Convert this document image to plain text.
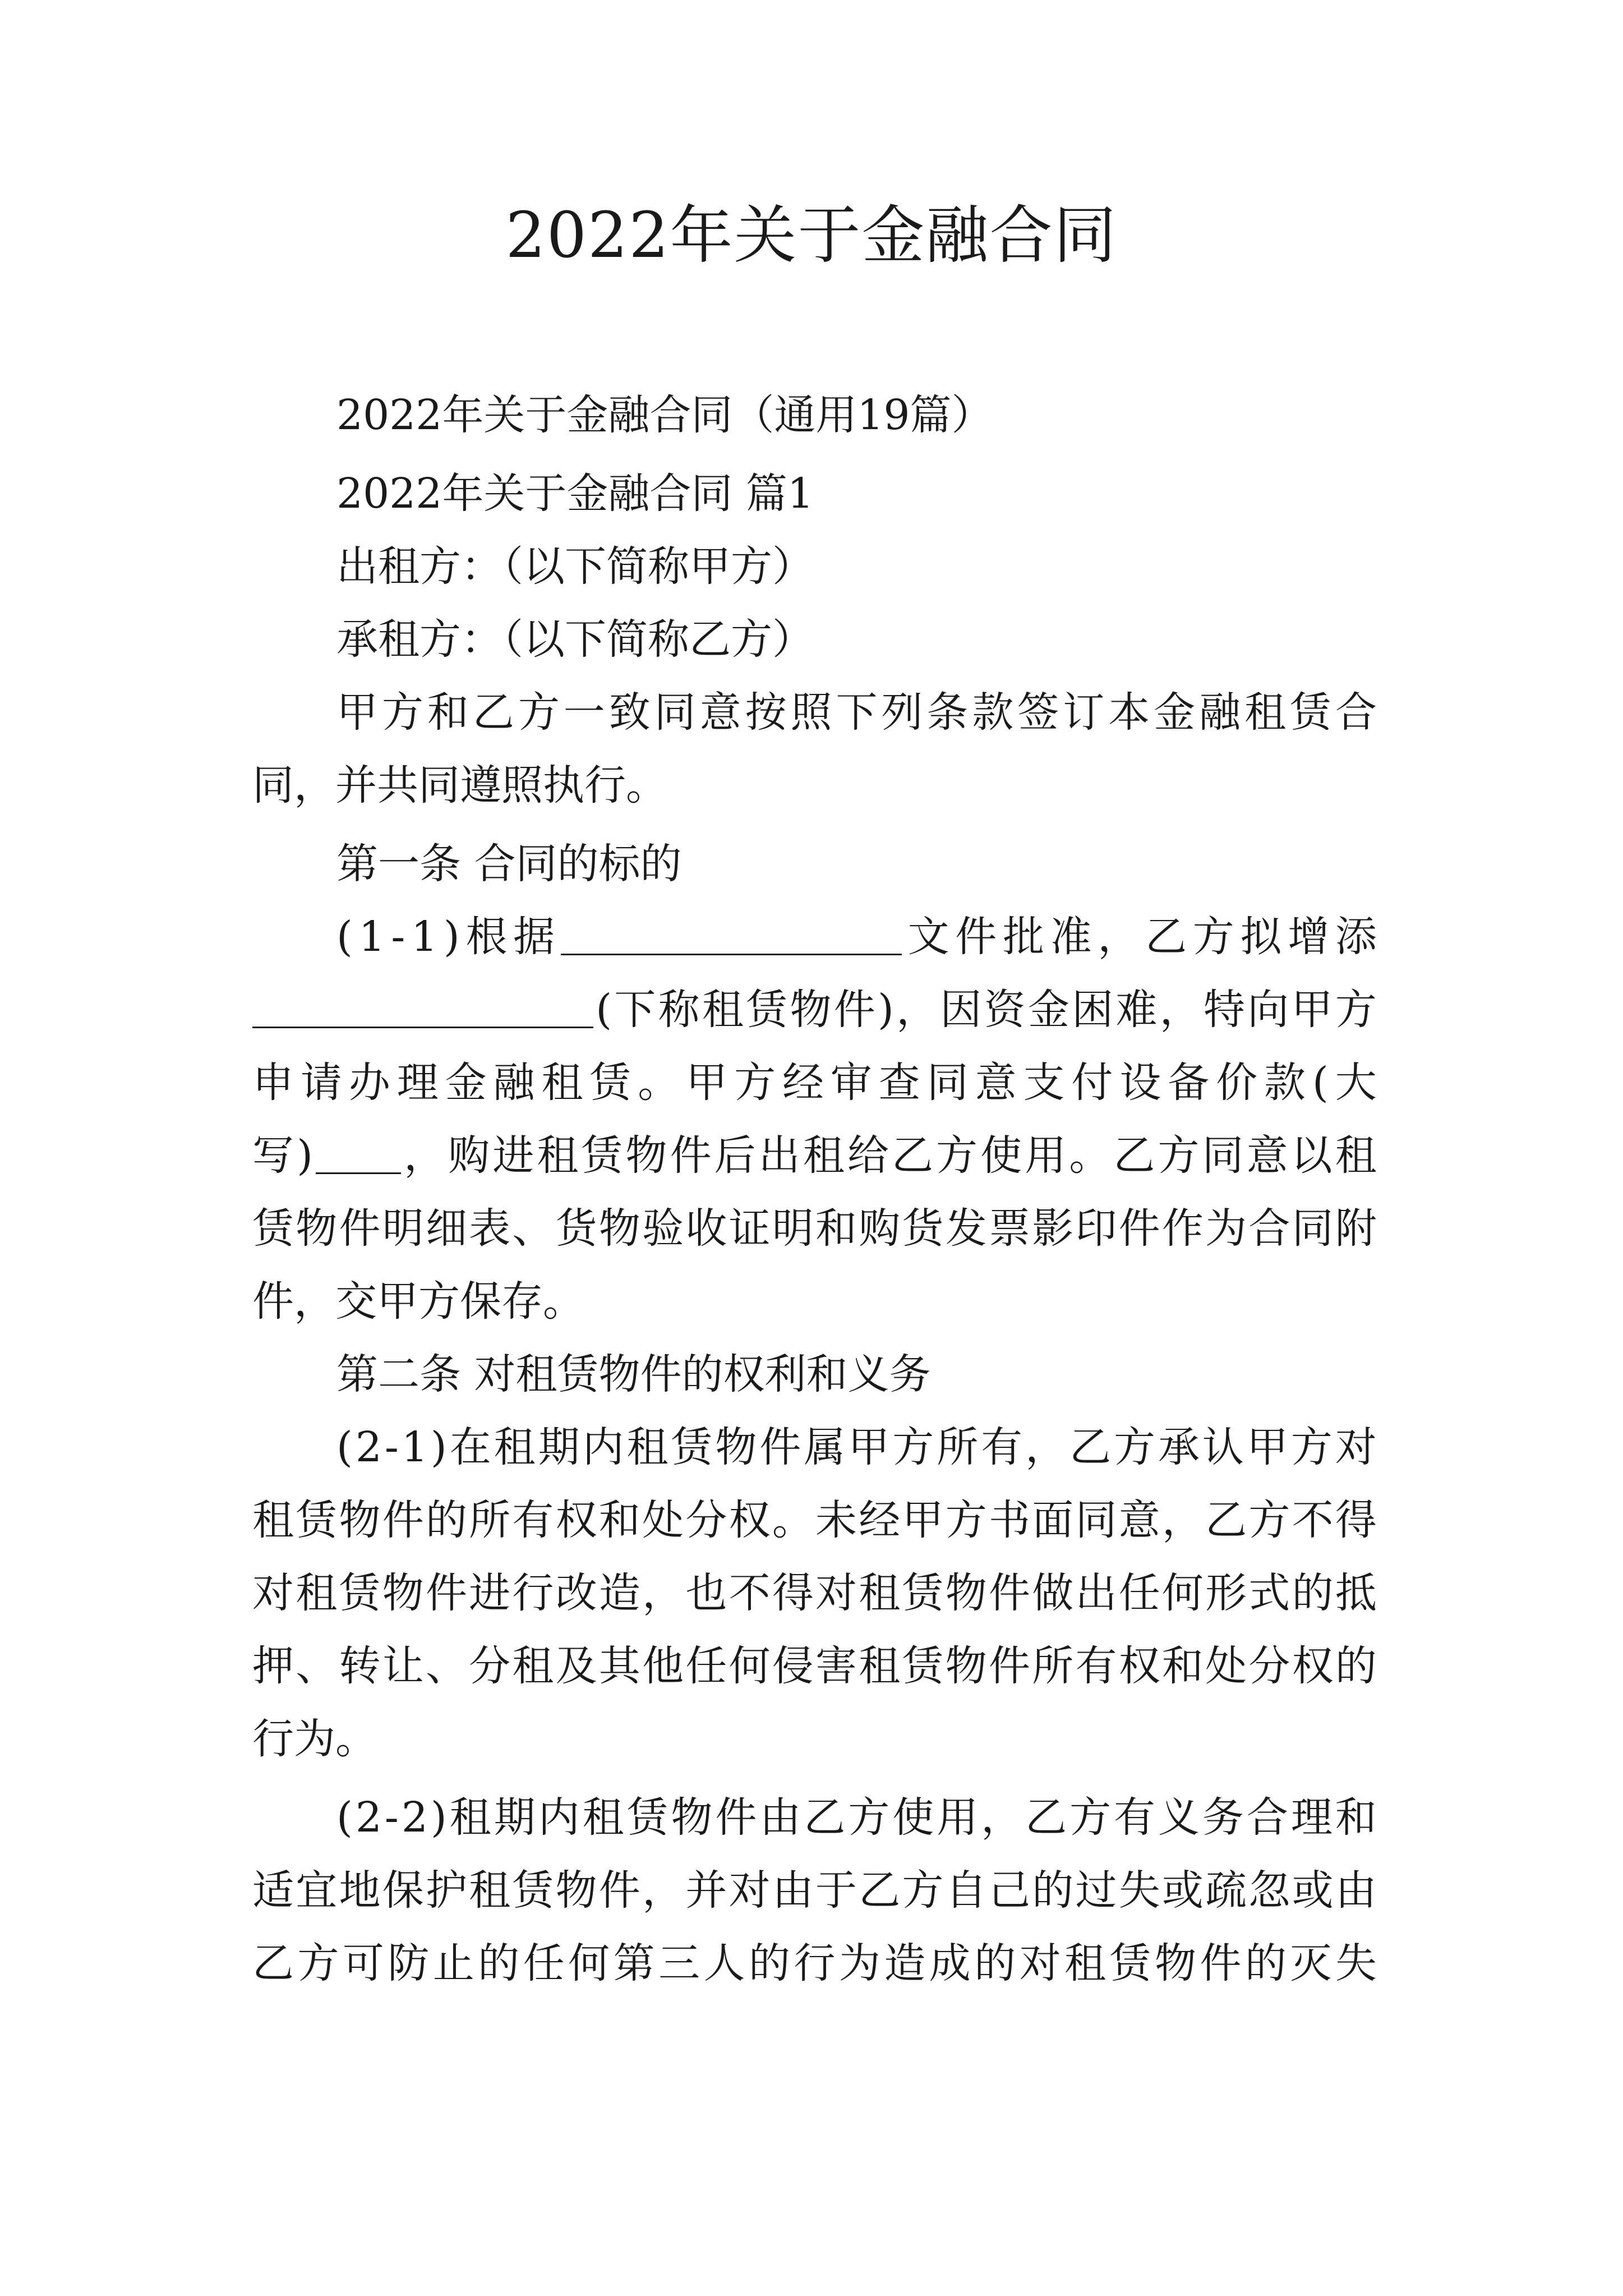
2022年关于金融合同
2022年关于金融合同（通用19篇）
2022年关于金融合同 篇1
出租方：（以下简称甲方）
承租方：（以下简称乙方）
甲 方 和 乙 方 一 致 同 意 按 照 下 列 条 款 签 订 本 金 融 租 赁 合
同，并共同遵照执行。
第一条 合同的标的
( 1 - 1 ) 根 据	文 件 批 准 ， 乙 方 拟 增 添
( 下 称 租 赁 物 件 ) ， 因 资 金 困 难 ， 特 向 甲 方
申 请 办 理 金 融 租 赁 。 甲 方 经 审 查 同 意 支 付 设 备 价 款 ( 大
写 ) ， 购 进 租 赁 物 件 后 出 租 给 乙 方 使 用 。 乙 方 同 意 以 租
赁 物 件 明 细 表 、 货 物 验 收 证 明 和 购 货 发 票 影 印 件 作 为 合 同 附
件，交甲方保存。
第二条 对租赁物件的权利和义务
( 2 - 1 ) 在 租 期 内 租 赁 物 件 属 甲 方 所 有 ， 乙 方 承 认 甲 方 对
租 赁 物 件 的 所 有 权 和 处 分 权 。 未 经 甲 方 书 面 同 意 ， 乙 方 不 得
对 租 赁 物 件 进 行 改 造 ， 也 不 得 对 租 赁 物 件 做 出 任 何 形 式 的 抵
押 、 转 让 、 分 租 及 其 他 任 何 侵 害 租 赁 物 件 所 有 权 和 处 分 权 的
行为。
( 2 - 2 ) 租 期 内 租 赁 物 件 由 乙 方 使 用 ， 乙 方 有 义 务 合 理 和
适 宜 地 保 护 租 赁 物 件 ， 并 对 由 于 乙 方 自 己 的 过 失 或 疏 忽 或 由
乙 方 可 防 止 的 任 何 第 三 人 的 行 为 造 成 的 对 租 赁 物 件 的 灭 失
